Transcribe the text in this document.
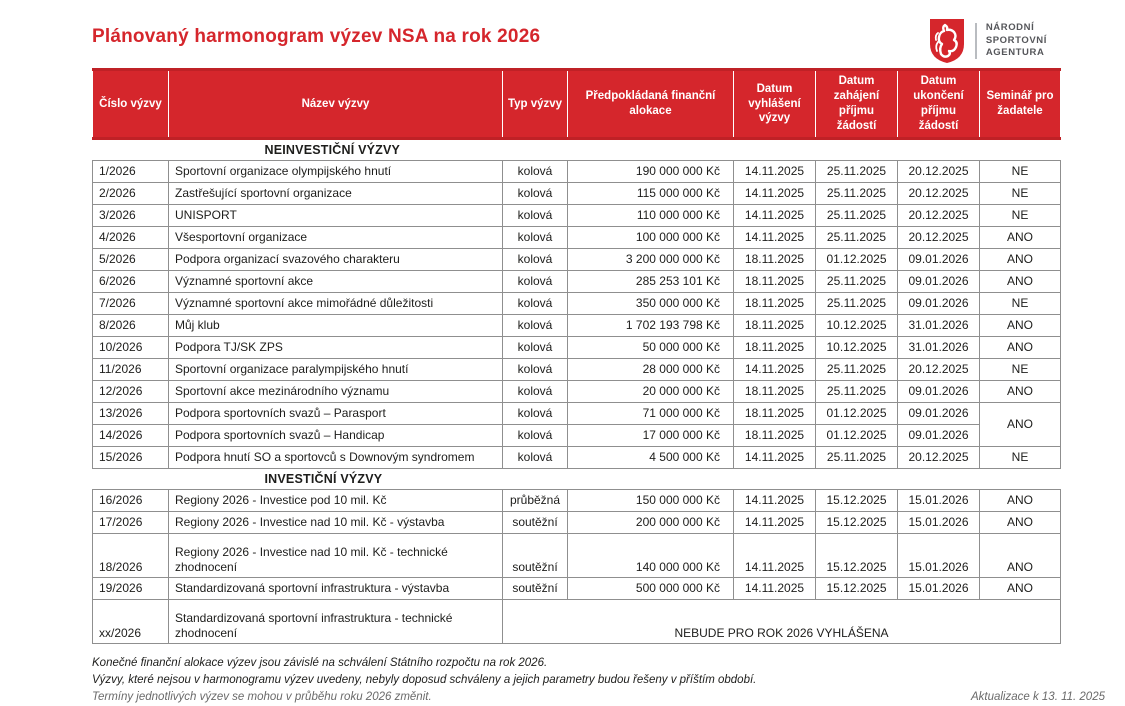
Plánovaný harmonogram výzev NSA na rok 2026	NÁRODNÍ
SPORTOVNÍ
AGENTURA
Číslo výzvy	Název výzvy	Typ výzvy	Předpokládaná finanční alokace	Datum vyhlášení výzvy	Datum zahájení příjmu žádostí	Datum ukončení příjmu žádostí	Seminář pro žadatele
NEINVESTIČNÍ VÝZVY							
1/2026	Sportovní organizace olympijského hnutí	kolová	190 000 000 Kč	14.11.2025	25.11.2025	20.12.2025	NE
2/2026	Zastřešující sportovní organizace	kolová	115 000 000 Kč	14.11.2025	25.11.2025	20.12.2025	NE
3/2026	UNISPORT	kolová	110 000 000 Kč	14.11.2025	25.11.2025	20.12.2025	NE
4/2026	Všesportovní organizace	kolová	100 000 000 Kč	14.11.2025	25.11.2025	20.12.2025	ANO
5/2026	Podpora organizací svazového charakteru	kolová	3 200 000 000 Kč	18.11.2025	01.12.2025	09.01.2026	ANO
6/2026	Významné sportovní akce	kolová	285 253 101 Kč	18.11.2025	25.11.2025	09.01.2026	ANO
7/2026	Významné sportovní akce mimořádné důležitosti	kolová	350 000 000 Kč	18.11.2025	25.11.2025	09.01.2026	NE
8/2026	Můj klub	kolová	1 702 193 798 Kč	18.11.2025	10.12.2025	31.01.2026	ANO
10/2026	Podpora TJ/SK ZPS	kolová	50 000 000 Kč	18.11.2025	10.12.2025	31.01.2026	ANO
11/2026	Sportovní organizace paralympijského hnutí	kolová	28 000 000 Kč	14.11.2025	25.11.2025	20.12.2025	NE
12/2026	Sportovní akce mezinárodního významu	kolová	20 000 000 Kč	18.11.2025	25.11.2025	09.01.2026	ANO
13/2026	Podpora sportovních svazů – Parasport	kolová	71 000 000 Kč	18.11.2025	01.12.2025	09.01.2026	ANO
14/2026	Podpora sportovních svazů – Handicap	kolová	17 000 000 Kč	18.11.2025	01.12.2025	09.01.2026	
15/2026	Podpora hnutí SO a sportovců s Downovým syndromem	kolová	4 500 000 Kč	14.11.2025	25.11.2025	20.12.2025	NE
INVESTIČNÍ VÝZVY							
16/2026	Regiony 2026 - Investice pod 10 mil. Kč	průběžná	150 000 000 Kč	14.11.2025	15.12.2025	15.01.2026	ANO
17/2026	Regiony 2026 - Investice nad 10 mil. Kč - výstavba	soutěžní	200 000 000 Kč	14.11.2025	15.12.2025	15.01.2026	ANO
18/2026	Regiony 2026 - Investice nad 10 mil. Kč - technické zhodnocení	soutěžní	140 000 000 Kč	14.11.2025	15.12.2025	15.01.2026	ANO
19/2026	Standardizovaná sportovní infrastruktura - výstavba	soutěžní	500 000 000 Kč	14.11.2025	15.12.2025	15.01.2026	ANO
xx/2026	Standardizovaná sportovní infrastruktura - technické zhodnocení	NEBUDE PRO ROK 2026 VYHLÁŠENA					
Konečné finanční alokace výzev jsou závislé na schválení Státního rozpočtu na rok 2026.
Výzvy, které nejsou v harmonogramu výzev uvedeny, nebyly doposud schváleny a jejich parametry budou řešeny v příštím období.
Termíny jednotlivých výzev se mohou v průběhu roku 2026 změnit.	Aktualizace k 13. 11. 2025
